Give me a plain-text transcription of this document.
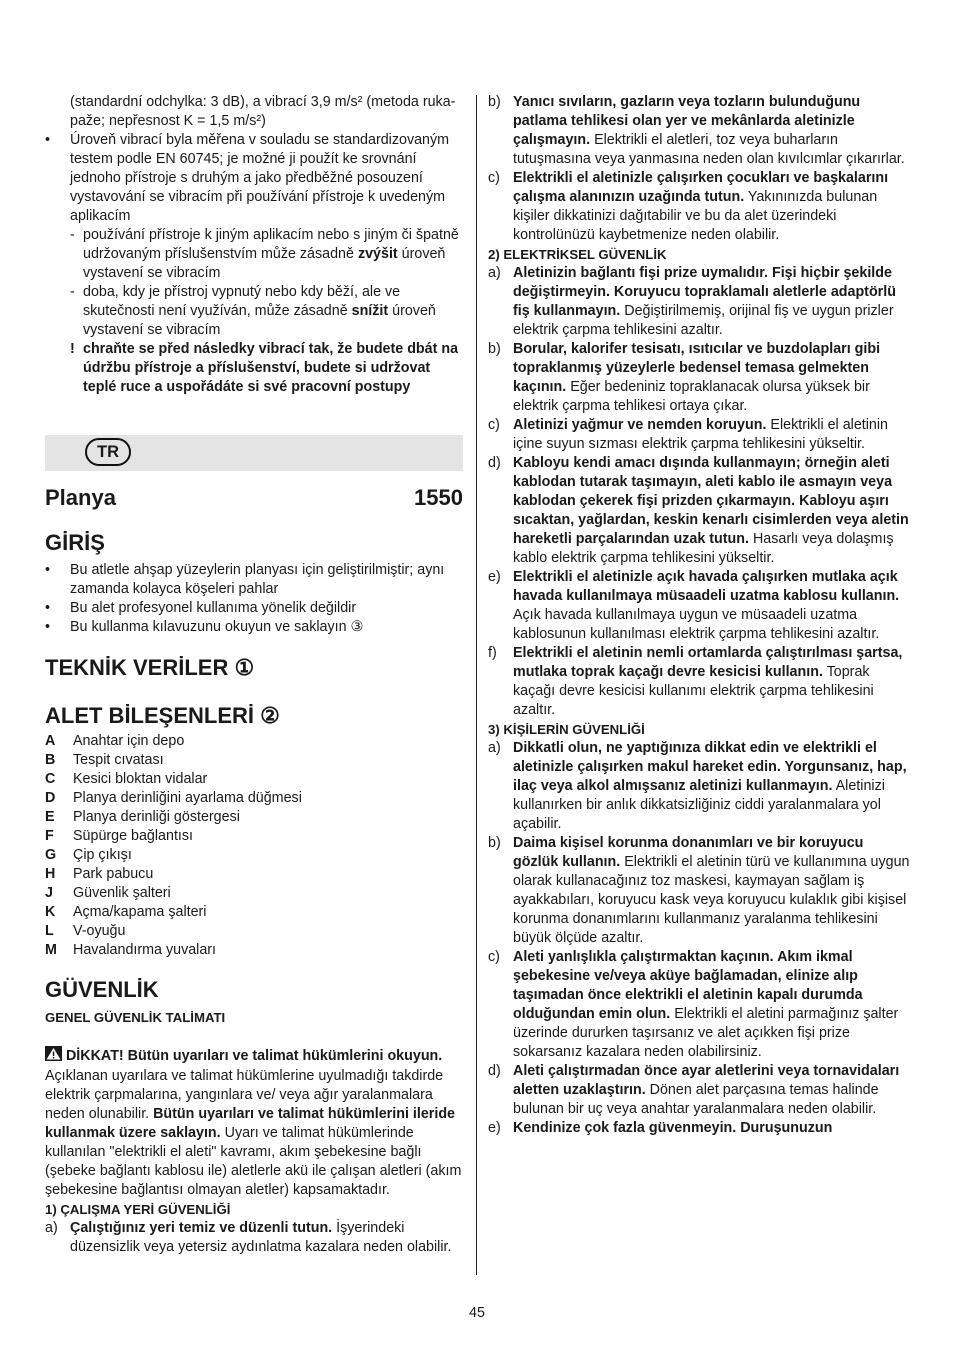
(standardní odchylka: 3 dB), a vibrací 3,9 m/s² (metoda ruka-paže; nepřesnost K = 1,5 m/s²)

•	Úroveň vibrací byla měřena v souladu se standardizovaným testem podle EN 60745; je možné ji použít ke srovnání jednoho přístroje s druhým a jako předběžné posouzení vystavování se vibracím při používání přístroje k uvedeným aplikacím
- používání přístroje k jiným aplikacím nebo s jiným či špatně udržovaným příslušenstvím může zásadně zvýšit úroveň vystavení se vibracím
- doba, kdy je přístroj vypnutý nebo kdy běží, ale ve skutečnosti není využíván, může zásadně snížit úroveň vystavení se vibracím
! chraňte se před následky vibrací tak, že budete dbát na údržbu přístroje a příslušenství, budete si udržovat teplé ruce a uspořádáte si své pracovní postupy
TR
Planya	1550
GİRİŞ
•	Bu atletle ahşap yüzeylerin planyası için geliştirilmiştir; aynı zamanda kolayca köşeleri pahlar
•	Bu alet profesyonel kullanıma yönelik değildir
•	Bu kullanma kılavuzunu okuyun ve saklayın ③
TEKNİK VERİLER ①
ALET BİLEŞENLERİ ②
A	Anahtar için depo
B	Tespit cıvatası
C	Kesici bloktan vidalar
D	Planya derinliğini ayarlama düğmesi
E	Planya derinliği göstergesi
F	Süpürge bağlantısı
G	Çip çıkışı
H	Park pabucu
J	Güvenlik şalteri
K	Açma/kapama şalteri
L	V-oyuğu
M	Havalandırma yuvaları
GÜVENLİK
GENEL GÜVENLİK TALİMATI

DİKKAT! Bütün uyarıları ve talimat hükümlerini okuyun. Açıklanan uyarılara ve talimat hükümlerine uyulmadığı takdirde elektrik çarpmalarına, yangınlara ve/ veya ağır yaralanmalara neden olunabilir. Bütün uyarıları ve talimat hükümlerini ileride kullanmak üzere saklayın. Uyarı ve talimat hükümlerinde kullanılan "elektrikli el aleti" kavramı, akım şebekesine bağlı (şebeke bağlantı kablosu ile) aletlerle akü ile çalışan aletleri (akım şebekesine bağlantısı olmayan aletler) kapsamaktadır.

1) ÇALIŞMA YERİ GÜVENLİĞİ
a) Çalıştığınız yeri temiz ve düzenli tutun. İşyerindeki düzensizlik veya yetersiz aydınlatma kazalara neden olabilir.
b) Yanıcı sıvıların, gazların veya tozların bulunduğunu patlama tehlikesi olan yer ve mekânlarda aletinizle çalışmayın. Elektrikli el aletleri, toz veya buharların tutuşmasına veya yanmasına neden olan kıvılcımlar çıkarırlar.
c) Elektrikli el aletinizle çalışırken çocukları ve başkalarını çalışma alanınızın uzağında tutun. Yakınınızda bulunan kişiler dikkatinizi dağıtabilir ve bu da alet üzerindeki kontrolünüzü kaybetmenize neden olabilir.
2) ELEKTRİKSEL GÜVENLİK
a) Aletinizin bağlantı fişi prize uymalıdır. Fişi hiçbir şekilde değiştirmeyin. Koruyucu topraklamalı aletlerle adaptörlü fiş kullanmayın. Değiştirilmemiş, orijinal fiş ve uygun prizler elektrik çarpma tehlikesini azaltır.
b) Borular, kalorifer tesisatı, ısıtıcılar ve buzdolapları gibi topraklanmış yüzeylerle bedensel temasa gelmekten kaçının. Eğer bedeniniz topraklanacak olursa yüksek bir elektrik çarpma tehlikesi ortaya çıkar.
c) Aletinizi yağmur ve nemden koruyun. Elektrikli el aletinin içine suyun sızması elektrik çarpma tehlikesini yükseltir.
d) Kabloyu kendi amacı dışında kullanmayın; örneğin aleti kablodan tutarak taşımayın, aleti kablo ile asmayın veya kablodan çekerek fişi prizden çıkarmayın. Kabloyu aşırı sıcaktan, yağlardan, keskin kenarlı cisimlerden veya aletin hareketli parçalarından uzak tutun. Hasarlı veya dolaşmış kablo elektrik çarpma tehlikesini yükseltir.
e) Elektrikli el aletinizle açık havada çalışırken mutlaka açık havada kullanılmaya müsaadeli uzatma kablosu kullanın. Açık havada kullanılmaya uygun ve müsaadeli uzatma kablosunun kullanılması elektrik çarpma tehlikesini azaltır.
f)	Elektrikli el aletinin nemli ortamlarda çalıştırılması şartsa, mutlaka toprak kaçağı devre kesicisi kullanın. Toprak kaçağı devre kesicisi kullanımı elektrik çarpma tehlikesini azaltır.
3) KİŞİLERİN GÜVENLİĞİ
a) Dikkatli olun, ne yaptığınıza dikkat edin ve elektrikli el aletinizle çalışırken makul hareket edin. Yorgunsanız, hap, ilaç veya alkol almışsanız aletinizi kullanmayın. Aletinizi kullanırken bir anlık dikkatsizliğiniz ciddi yaralanmalara yol açabilir.
b) Daima kişisel korunma donanımları ve bir koruyucu gözlük kullanın. Elektrikli el aletinin türü ve kullanımına uygun olarak kullanacağınız toz maskesi, kaymayan sağlam iş ayakkabıları, koruyucu kask veya koruyucu kulaklık gibi kişisel korunma donanımlarını kullanmanız yaralanma tehlikesini büyük ölçüde azaltır.
c) Aleti yanlışlıkla çalıştırmaktan kaçının. Akım ikmal şebekesine ve/veya aküye bağlamadan, elinize alıp taşımadan önce elektrikli el aletinin kapalı durumda olduğundan emin olun. Elektrikli el aletini parmağınız şalter üzerinde dururken taşırsanız ve alet açıkken fişi prize sokarsanız kazalara neden olabilirsiniz.
d) Aleti çalıştırmadan önce ayar aletlerini veya tornavidaları aletten uzaklaştırın. Dönen alet parçasına temas halinde bulunan bir uç veya anahtar yaralanmalara neden olabilir.
e) Kendinize çok fazla güvenmeyin. Duruşunuzun
45
